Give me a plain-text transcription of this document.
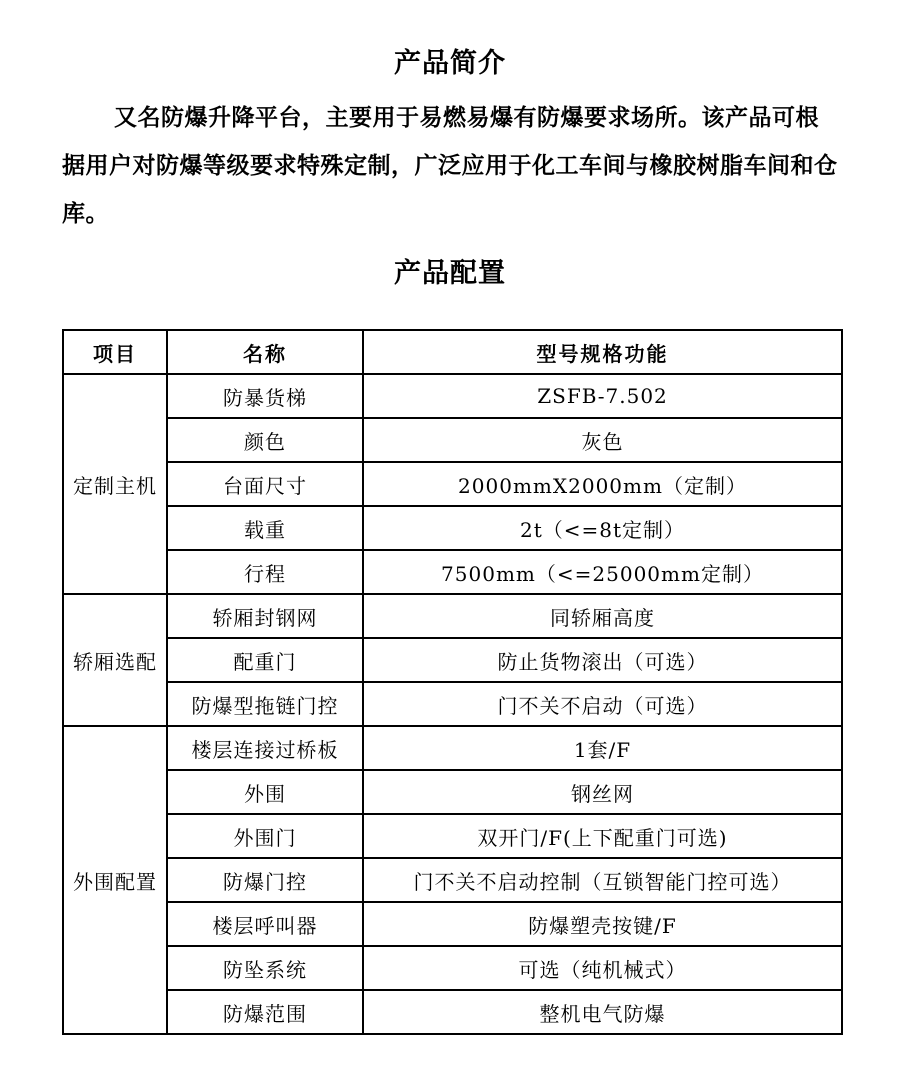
产品简介
又名防爆升降平台，主要用于易燃易爆有防爆要求场所。该产品可根据用户对防爆等级要求特殊定制，广泛应用于化工车间与橡胶树脂车间和仓库。
产品配置
项目	名称	型号规格功能
定制主机	防暴货梯	ZSFB-7.502
	颜色	灰色
	台面尺寸	2000mmX2000mm（定制）
	载重	2t（<=8t定制）
	行程	7500mm（<=25000mm定制）
轿厢选配	轿厢封钢网	同轿厢高度
	配重门	防止货物滚出（可选）
	防爆型拖链门控	门不关不启动（可选）
外围配置	楼层连接过桥板	1套/F
	外围	钢丝网
	外围门	双开门/F(上下配重门可选)
	防爆门控	门不关不启动控制（互锁智能门控可选）
	楼层呼叫器	防爆塑壳按键/F
	防坠系统	可选（纯机械式）
	防爆范围	整机电气防爆
